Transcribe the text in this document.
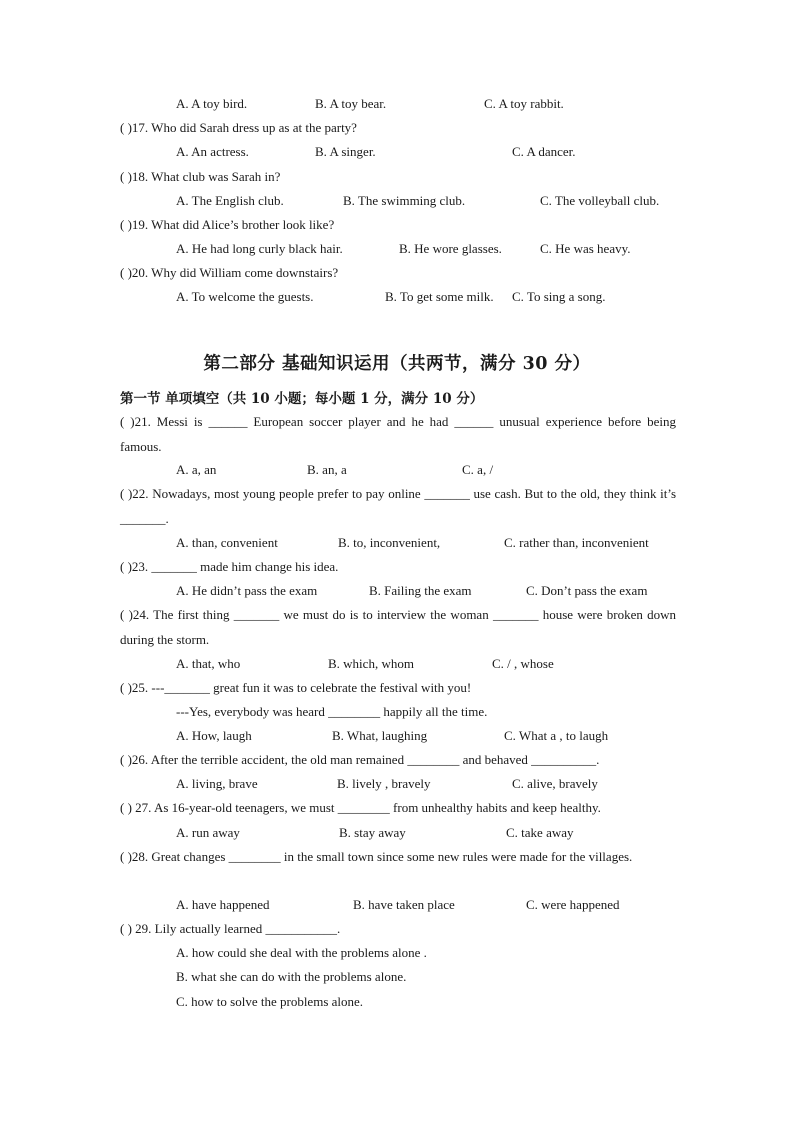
A. A toy bird.	B. A toy bear.	C. A toy rabbit.
( )17. Who did Sarah dress up as at the party?
A. An actress.	B. A singer.	C. A dancer.
( )18. What club was Sarah in?
A. The English club.	B. The swimming club.	C. The volleyball club.
( )19. What did Alice’s brother look like?
A. He had long curly black hair.	B. He wore glasses.	C. He was heavy.
( )20. Why did William come downstairs?
A. To welcome the guests.	B. To get some milk. C. To sing a song.
第二部分 基础知识运用（共两节，满分 30 分）
第一节 单项填空（共 10 小题；每小题 1 分，满分 10 分）
( )21. Messi is ______ European soccer player and he had ______ unusual experience before being famous.
A. a, an	B. an, a	C. a, /
( )22. Nowadays, most young people prefer to pay online _______ use cash. But to the old, they think it’s _______.
A. than, convenient	B. to, inconvenient,	C. rather than, inconvenient
( )23. _______ made him change his idea.
A. He didn’t pass the exam	B. Failing the exam	C. Don’t pass the exam
( )24. The first thing _______ we must do is to interview the woman _______ house were broken down during the storm.
A. that, who	B. which, whom	C. / , whose
( )25. ---_______ great fun it was to celebrate the festival with you!
---Yes, everybody was heard ________ happily all the time.
A. How, laugh	B. What, laughing	C. What a , to laugh
( )26. After the terrible accident, the old man remained ________ and behaved __________.
A. living, brave	B. lively , bravely	C. alive, bravely
( ) 27. As 16-year-old teenagers, we must ________ from unhealthy habits and keep healthy.
A. run away	B. stay away	C. take away
( )28. Great changes ________ in the small town since some new rules were made for the villages.
A. have happened	B. have taken place	C. were happened
( ) 29. Lily actually learned ___________.
A. how could she deal with the problems alone .
B. what she can do with the problems alone.
C. how to solve the problems alone.
